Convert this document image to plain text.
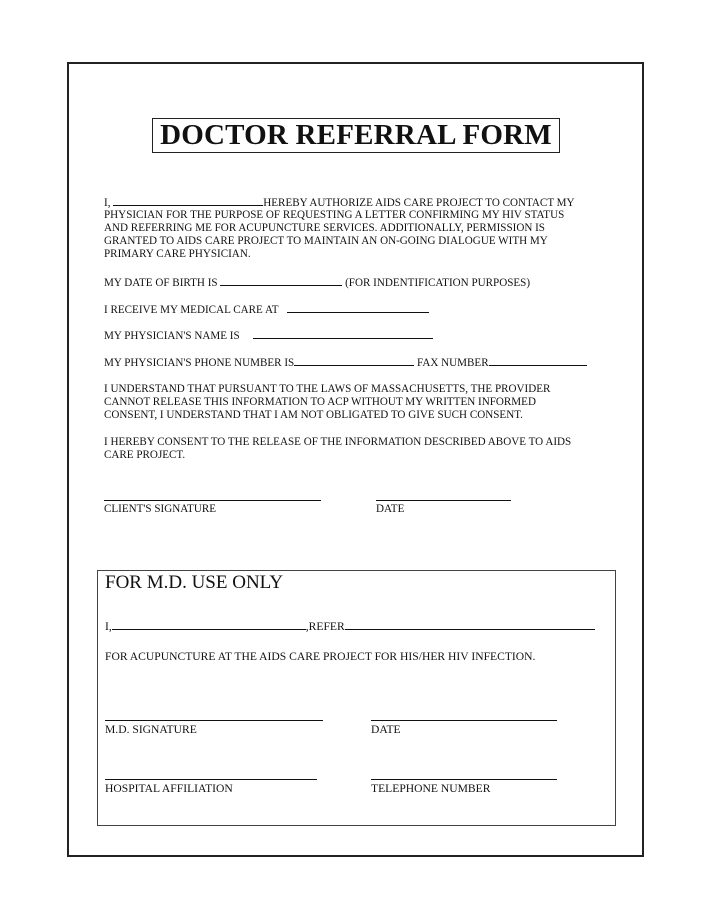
DOCTOR REFERRAL FORM
I,	HEREBY AUTHORIZE AIDS CARE PROJECT TO CONTACT MY
PHYSICIAN FOR THE PURPOSE OF REQUESTING A LETTER CONFIRMING MY HIV STATUS
AND REFERRING ME FOR ACUPUNCTURE SERVICES. ADDITIONALLY, PERMISSION IS
GRANTED TO AIDS CARE PROJECT TO MAINTAIN AN ON-GOING DIALOGUE WITH MY
PRIMARY CARE PHYSICIAN.
MY DATE OF BIRTH IS	(FOR INDENTIFICATION PURPOSES)
I RECEIVE MY MEDICAL CARE AT
MY PHYSICIAN'S NAME IS
MY PHYSICIAN'S PHONE NUMBER IS	FAX NUMBER
I UNDERSTAND THAT PURSUANT TO THE LAWS OF MASSACHUSETTS, THE PROVIDER
CANNOT RELEASE THIS INFORMATION TO ACP WITHOUT MY WRITTEN INFORMED
CONSENT, I UNDERSTAND THAT I AM NOT OBLIGATED TO GIVE SUCH CONSENT.
I HEREBY CONSENT TO THE RELEASE OF THE INFORMATION DESCRIBED ABOVE TO AIDS
CARE PROJECT.
CLIENT'S SIGNATURE	DATE
FOR M.D. USE ONLY
I,	,REFER
FOR ACUPUNCTURE AT THE AIDS CARE PROJECT FOR HIS/HER HIV INFECTION.
M.D. SIGNATURE	DATE
HOSPITAL AFFILIATION	TELEPHONE NUMBER
